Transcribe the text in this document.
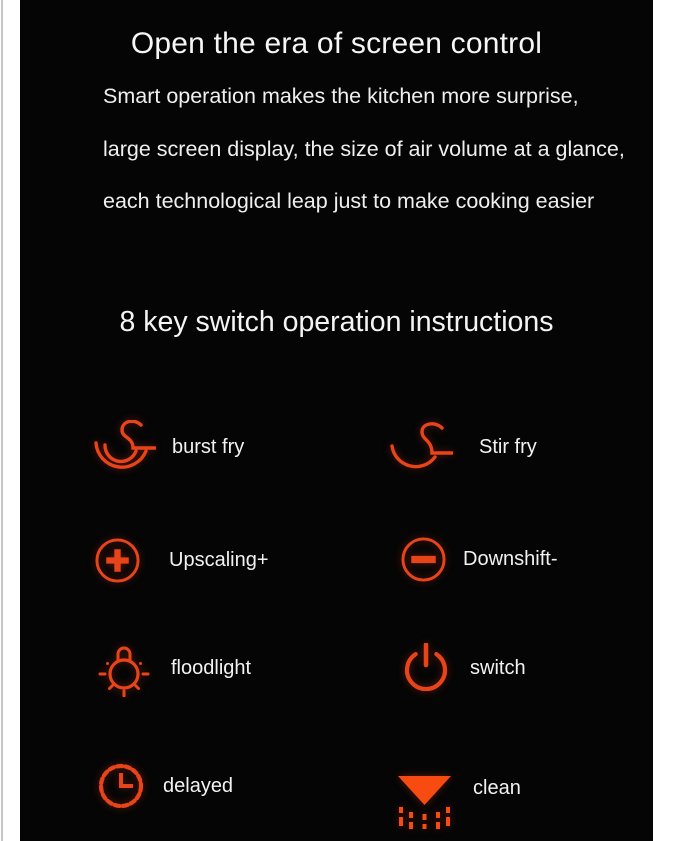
Open the era of screen control
Smart operation makes the kitchen more surprise,
large screen display, the size of air volume at a glance,
each technological leap just to make cooking easier
8 key switch operation instructions
burst fry	Stir fry
Upscaling+	Downshift-
floodlight	switch
delayed	clean
